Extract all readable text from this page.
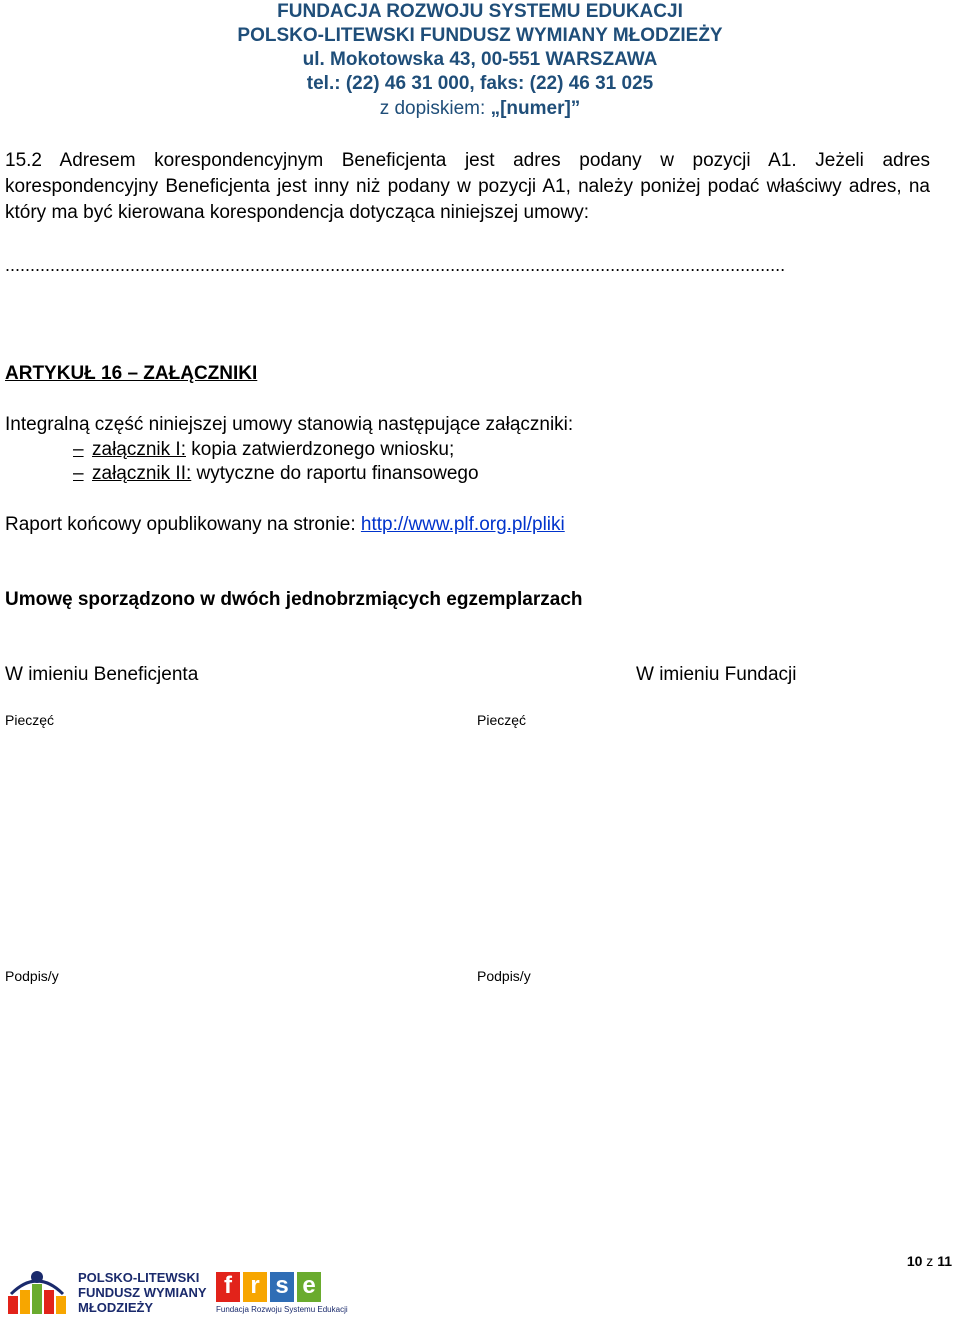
FUNDACJA ROZWOJU SYSTEMU EDUKACJI
POLSKO-LITEWSKI FUNDUSZ WYMIANY MŁODZIEŻY
ul. Mokotowska 43, 00-551 WARSZAWA
tel.: (22) 46 31 000, faks: (22) 46 31 025
z dopiskiem: „[numer]”
15.2 Adresem korespondencyjnym Beneficjenta jest adres podany w pozycji A1. Jeżeli adres korespondencyjny Beneficjenta jest inny niż podany w pozycji A1, należy poniżej podać właściwy adres, na który ma być kierowana korespondencja dotycząca niniejszej umowy:
............................................................................................................................................................
ARTYKUŁ 16 – ZAŁĄCZNIKI
Integralną część niniejszej umowy stanowią następujące załączniki:
– załącznik I: kopia zatwierdzonego wniosku;
– załącznik II: wytyczne do raportu finansowego
Raport końcowy opublikowany na stronie: http://www.plf.org.pl/pliki
Umowę sporządzono w dwóch jednobrzmiących egzemplarzach
W imieniu Beneficjenta	W imieniu Fundacji
Pieczęć	Pieczęć
Podpis/y	Podpis/y
10 z 11
POLSKO-LITEWSKI
FUNDUSZ WYMIANY
MŁODZIEŻY
f r s e
Fundacja Rozwoju Systemu Edukacji
